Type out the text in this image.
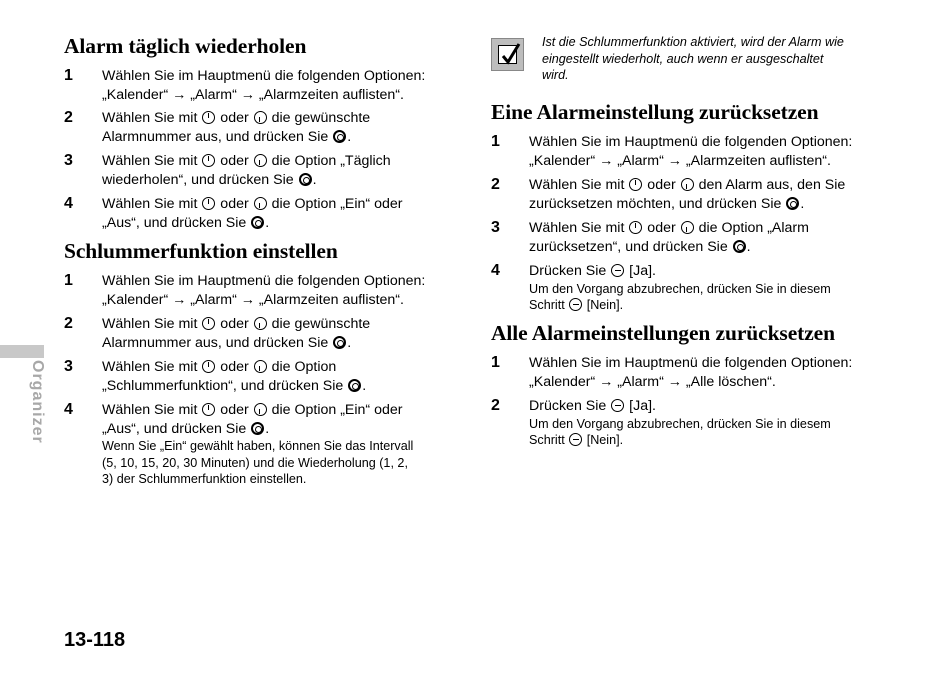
Alarm täglich wiederholen
1 Wählen Sie im Hauptmenü die folgenden Optionen:
„Kalender“ → „Alarm“ → „Alarmzeiten auflisten“.
2 Wählen Sie mit  oder  die gewünschte
Alarmnummer aus, und drücken Sie .
3 Wählen Sie mit  oder  die Option „Täglich
wiederholen“, und drücken Sie .
4 Wählen Sie mit  oder  die Option „Ein“ oder
„Aus“, und drücken Sie .
Schlummerfunktion einstellen
1 Wählen Sie im Hauptmenü die folgenden Optionen:
„Kalender“ → „Alarm“ → „Alarmzeiten auflisten“.
2 Wählen Sie mit  oder  die gewünschte
Alarmnummer aus, und drücken Sie .
3 Wählen Sie mit  oder  die Option
„Schlummerfunktion“, und drücken Sie .
4 Wählen Sie mit  oder  die Option „Ein“ oder
„Aus“, und drücken Sie .
Wenn Sie „Ein“ gewählt haben, können Sie das Intervall
(5, 10, 15, 20, 30 Minuten) und die Wiederholung (1, 2,
3) der Schlummerfunktion einstellen.
Ist die Schlummerfunktion aktiviert, wird der Alarm wie
eingestellt wiederholt, auch wenn er ausgeschaltet
wird.
Eine Alarmeinstellung zurücksetzen
1 Wählen Sie im Hauptmenü die folgenden Optionen:
„Kalender“ → „Alarm“ → „Alarmzeiten auflisten“.
2 Wählen Sie mit  oder  den Alarm aus, den Sie
zurücksetzen möchten, und drücken Sie .
3 Wählen Sie mit  oder  die Option „Alarm
zurücksetzen“, und drücken Sie .
4 Drücken Sie  [Ja].
Um den Vorgang abzubrechen, drücken Sie in diesem
Schritt  [Nein].
Alle Alarmeinstellungen zurücksetzen
1 Wählen Sie im Hauptmenü die folgenden Optionen:
„Kalender“ → „Alarm“ → „Alle löschen“.
2 Drücken Sie  [Ja].
Um den Vorgang abzubrechen, drücken Sie in diesem
Schritt  [Nein].
Organizer
13-118
